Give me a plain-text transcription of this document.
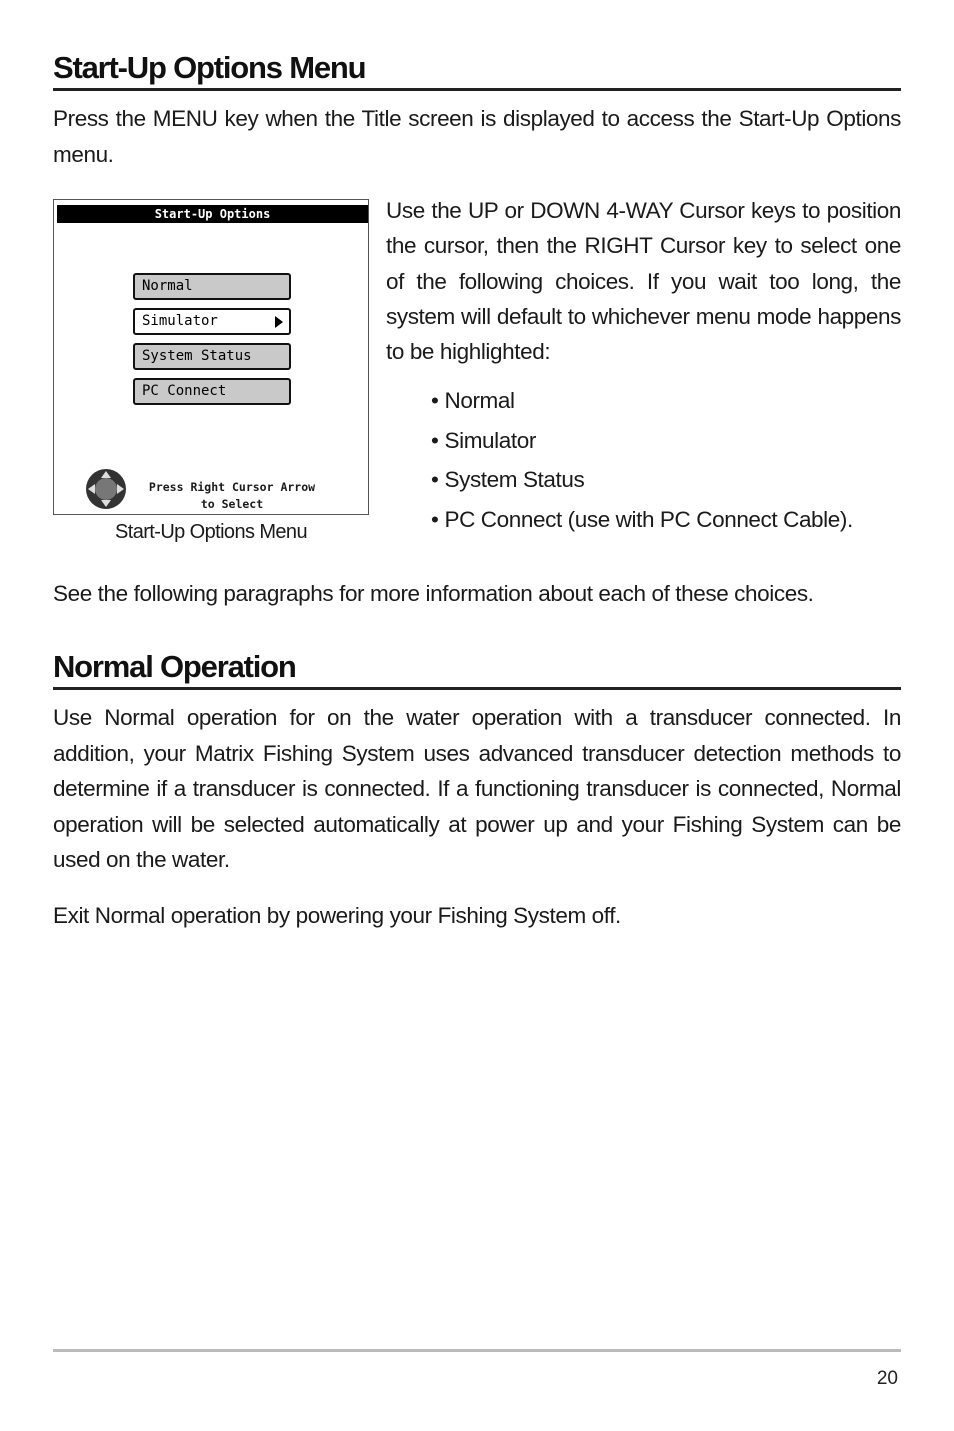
Start-Up Options Menu

Press the MENU key when the Title screen is displayed to access the Start-Up Options menu.

Start-Up Options
Normal
Simulator
System Status
PC Connect
Press Right Cursor Arrow
to Select
Start-Up Options Menu

Use the UP or DOWN 4-WAY Cursor keys to position the cursor, then the RIGHT Cursor key to select one of the following choices. If you wait too long, the system will default to whichever menu mode happens to be highlighted:

• Normal
• Simulator
• System Status
• PC Connect (use with PC Connect Cable).

See the following paragraphs for more information about each of these choices.

Normal Operation

Use Normal operation for on the water operation with a transducer connected. In addition, your Matrix Fishing System uses advanced transducer detection methods to determine if a transducer is connected. If a functioning transducer is connected, Normal operation will be selected automatically at power up and your Fishing System can be used on the water.

Exit Normal operation by powering your Fishing System off.

20
